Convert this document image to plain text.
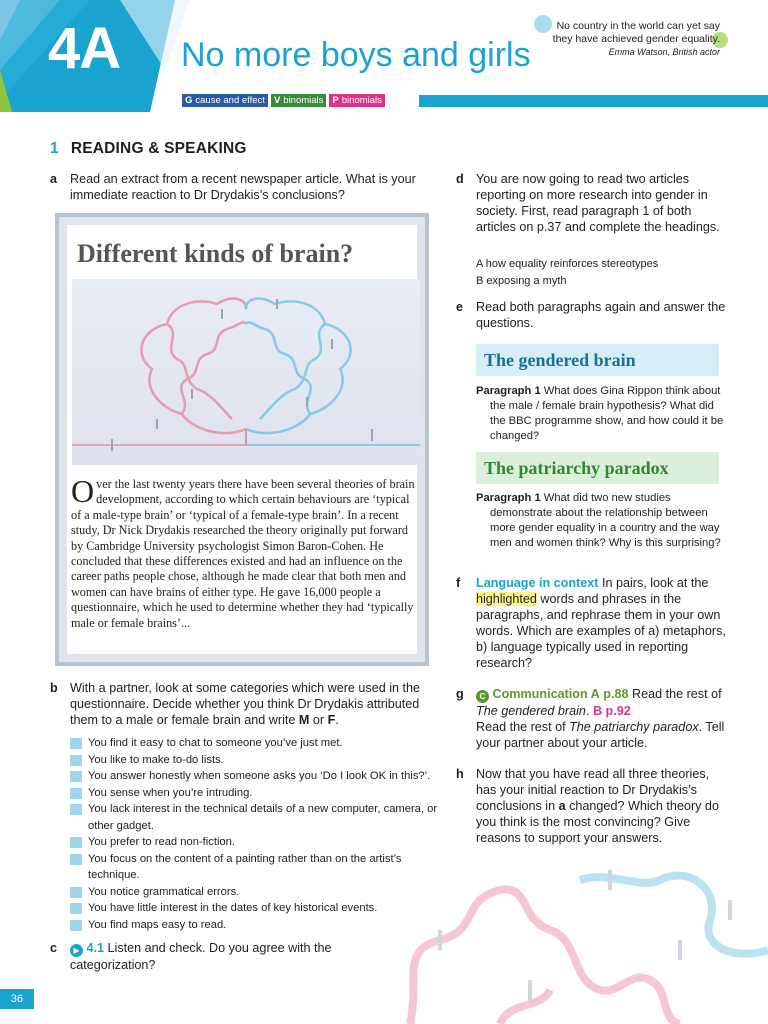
4A No more boys and girls
No country in the world can yet say
they have achieved gender equality.
Emma Watson, British actor
G cause and effect V binomials P binomials
1 READING & SPEAKING
a Read an extract from a recent newspaper article. What is your immediate reaction to Dr Drydakis’s conclusions?
Different kinds of brain?
Over the last twenty years there have been several theories of brain development, according to which certain behaviours are ‘typical of a male-type brain’ or ‘typical of a female-type brain’. In a recent study, Dr Nick Drydakis researched the theory originally put forward by Cambridge University psychologist Simon Baron-Cohen. He concluded that these differences existed and had an influence on the career paths people chose, although he made clear that both men and women can have brains of either type. He gave 16,000 people a questionnaire, which he used to determine whether they had ‘typically male or female brains’...
b With a partner, look at some categories which were used in the questionnaire. Decide whether you think Dr Drydakis attributed them to a male or female brain and write M or F.
You find it easy to chat to someone you’ve just met.
You like to make to-do lists.
You answer honestly when someone asks you ‘Do I look OK in this?’.
You sense when you’re intruding.
You lack interest in the technical details of a new computer, camera, or other gadget.
You prefer to read non-fiction.
You focus on the content of a painting rather than on the artist’s technique.
You notice grammatical errors.
You have little interest in the dates of key historical events.
You find maps easy to read.
c ▶ 4.1 Listen and check. Do you agree with the categorization?
d You are now going to read two articles reporting on more research into gender in society. First, read paragraph 1 of both articles on p.37 and complete the headings.
A how equality reinforces stereotypes
B exposing a myth
e Read both paragraphs again and answer the questions.
The gendered brain
Paragraph 1 What does Gina Rippon think about the male / female brain hypothesis? What did the BBC programme show, and how could it be changed?
The patriarchy paradox
Paragraph 1 What did two new studies demonstrate about the relationship between more gender equality in a country and the way men and women think? Why is this surprising?
f Language in context In pairs, look at the highlighted words and phrases in the paragraphs, and rephrase them in your own words. Which are examples of a) metaphors, b) language typically used in reporting research?
g C Communication A p.88 Read the rest of The gendered brain. B p.92
Read the rest of The patriarchy paradox. Tell your partner about your article.
h Now that you have read all three theories, has your initial reaction to Dr Drydakis’s conclusions in a changed? Which theory do you think is the most convincing? Give reasons to support your answers.
36
